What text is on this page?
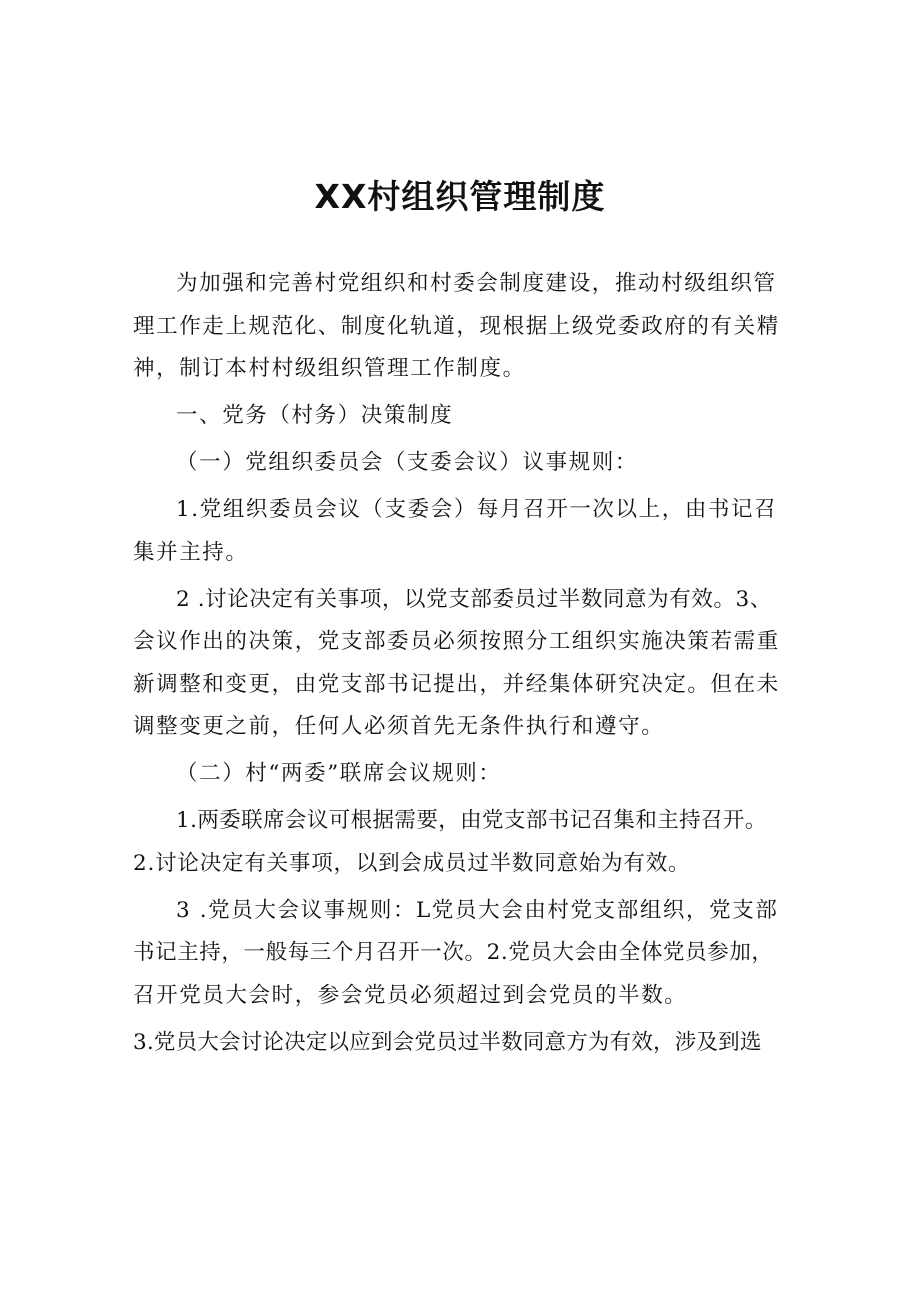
XX村组织管理制度

为加强和完善村党组织和村委会制度建设，推动村级组织管
理工作走上规范化、制度化轨道，现根据上级党委政府的有关精
神，制订本村村级组织管理工作制度。

一、党务（村务）决策制度

（一）党组织委员会（支委会议）议事规则：

1.党组织委员会议（支委会）每月召开一次以上，由书记召
集并主持。

2 .讨论决定有关事项，以党支部委员过半数同意为有效。3、
会议作出的决策，党支部委员必须按照分工组织实施决策若需重
新调整和变更，由党支部书记提出，并经集体研究决定。但在未
调整变更之前，任何人必须首先无条件执行和遵守。

（二）村“两委”联席会议规则：

1.两委联席会议可根据需要，由党支部书记召集和主持召开。
2.讨论决定有关事项，以到会成员过半数同意始为有效。

3 .党员大会议事规则：L党员大会由村党支部组织，党支部
书记主持，一般每三个月召开一次。2.党员大会由全体党员参加，
召开党员大会时，参会党员必须超过到会党员的半数。

3.党员大会讨论决定以应到会党员过半数同意方为有效，涉及到选
